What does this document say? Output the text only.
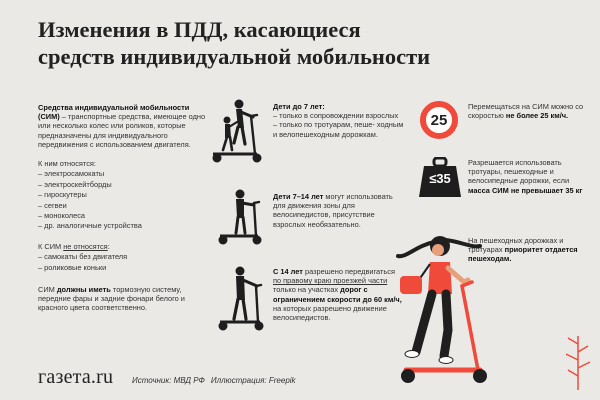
Изменения в ПДД, касающиеся
средств индивидуальной мобильности
Средства индивидуальной мобильности (СИМ) – транспортные средства, имеющее одно или несколько колес или роликов, которые предназначены для индивидуального передвижения с использованием двигателя.
К ним относятся:
– электросамокаты
– электроскейтборды
– гироскутеры
– сегвеи
– моноколеса
– др. аналогичные устройства
К СИМ не относятся:
– самокаты без двигателя
– роликовые коньки
СИМ должны иметь тормозную систему, передние фары и задние фонари белого и красного цвета соответственно.
Дети до 7 лет:
– только в сопровождении взрослых
– только по тротуарам, пеше- ходным и велопешеходным дорожкам.
Дети 7–14 лет могут использовать для движения зоны для велосипедистов, присутствие взрослых необязательно.
С 14 лет разрешено передвигаться по правому краю проезжей части только на участках дорог с ограничением скорости до 60 км/ч, на которых разрешено движение велосипедистов.
25
≤35
Перемещаться на СИМ можно со скоростью не более 25 км/ч.
Разрешается использовать тротуары, пешеходные и велосипедные дорожки, если масса СИМ не превышает 35 кг
На пешеходных дорожках и тротуарах приоритет отдается пешеходам.
газета.ru Источник: МВД РФ Иллюстрация: Freepik
